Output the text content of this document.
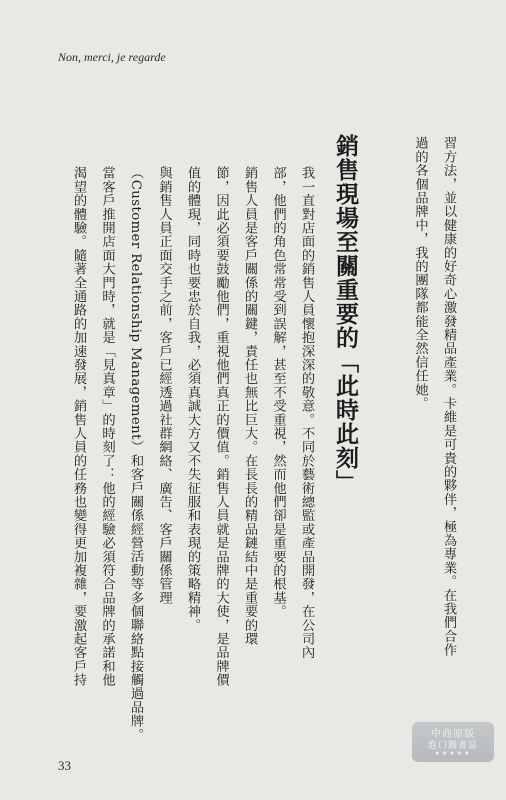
Non, merci, je regarde
習方法，並以健康的好奇心激發精品產業。卡維是可貴的夥伴，極為專業。在我們合作
過的各個品牌中，我的團隊都能全然信任她。
銷售現場至關重要的「此時此刻」
我一直對店面的銷售人員懷抱深深的敬意。不同於藝術總監或產品開發，在公司內
部，他們的角色常常受到誤解，甚至不受重視，然而他們卻是重要的根基。
銷售人員是客戶關係的關鍵，責任也無比巨大。在長長的精品鏈結中是重要的環
節，因此必須要鼓勵他們，重視他們真正的價值。銷售人員就是品牌的大使，是品牌價
值的體現，同時也要忠於自我，必須真誠大方又不失征服和表現的策略精神。
與銷售人員正面交手之前，客戶已經透過社群網絡、廣告、客戶關係管理
（Customer Relationship Management）和客戶關係經營活動等多個聯絡點接觸過品牌。
當客戶推開店面大門時，就是「見真章」的時刻了：他的經驗必須符合品牌的承諾和他
渴望的體驗。隨著全通路的加速發展，銷售人員的任務也變得更加複雜，要激起客戶持
33
中商原版
進口圖書誌
★★★★★
